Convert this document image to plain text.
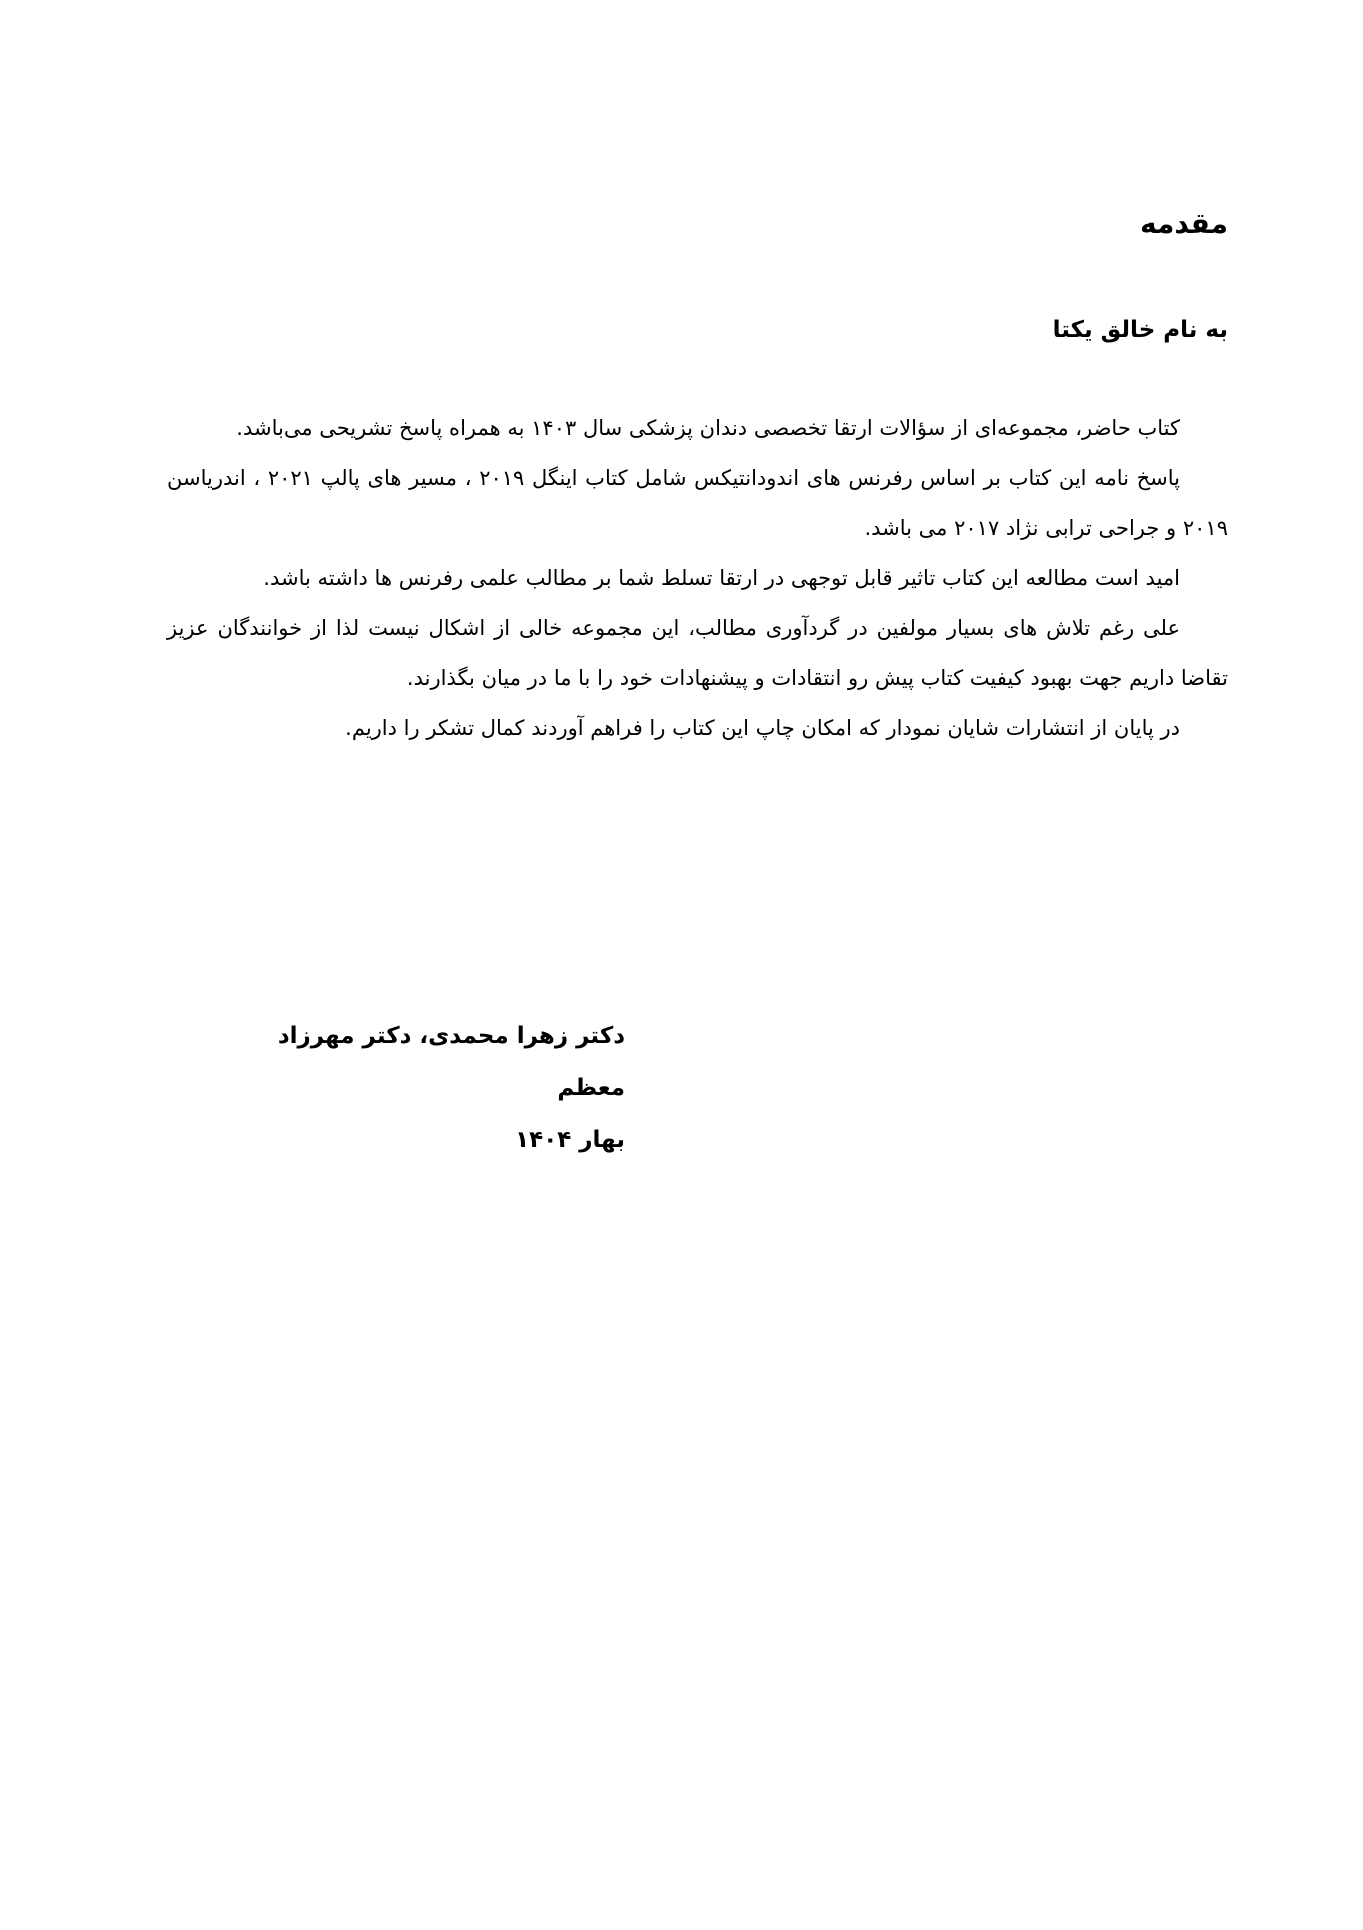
مقدمه
به نام خالق یکتا

کتاب حاضر، مجموعه‌ای از سؤالات ارتقا تخصصی دندان پزشکی سال ۱۴۰۳ به همراه پاسخ تشریحی می‌باشد.

پاسخ نامه این کتاب بر اساس رفرنس های اندودانتیکس شامل کتاب اینگل ۲۰۱۹ ، مسیر های پالپ ۲۰۲۱ ، اندریاسن ۲۰۱۹ و جراحی ترابی نژاد ۲۰۱۷ می باشد.

امید است مطالعه این کتاب تاثیر قابل توجهی در ارتقا تسلط شما بر مطالب علمی رفرنس ها داشته باشد.

علی رغم تلاش های بسیار مولفین در گردآوری مطالب، این مجموعه خالی از اشکال نیست لذا از خوانندگان عزیز تقاضا داریم جهت بهبود کیفیت کتاب پیش رو انتقادات و پیشنهادات خود را با ما در میان بگذارند.

در پایان از انتشارات شایان نمودار که امکان چاپ این کتاب را فراهم آوردند کمال تشکر را داریم.

دکتر زهرا محمدی، دکتر مهرزاد معظم
بهار ۱۴۰۴
